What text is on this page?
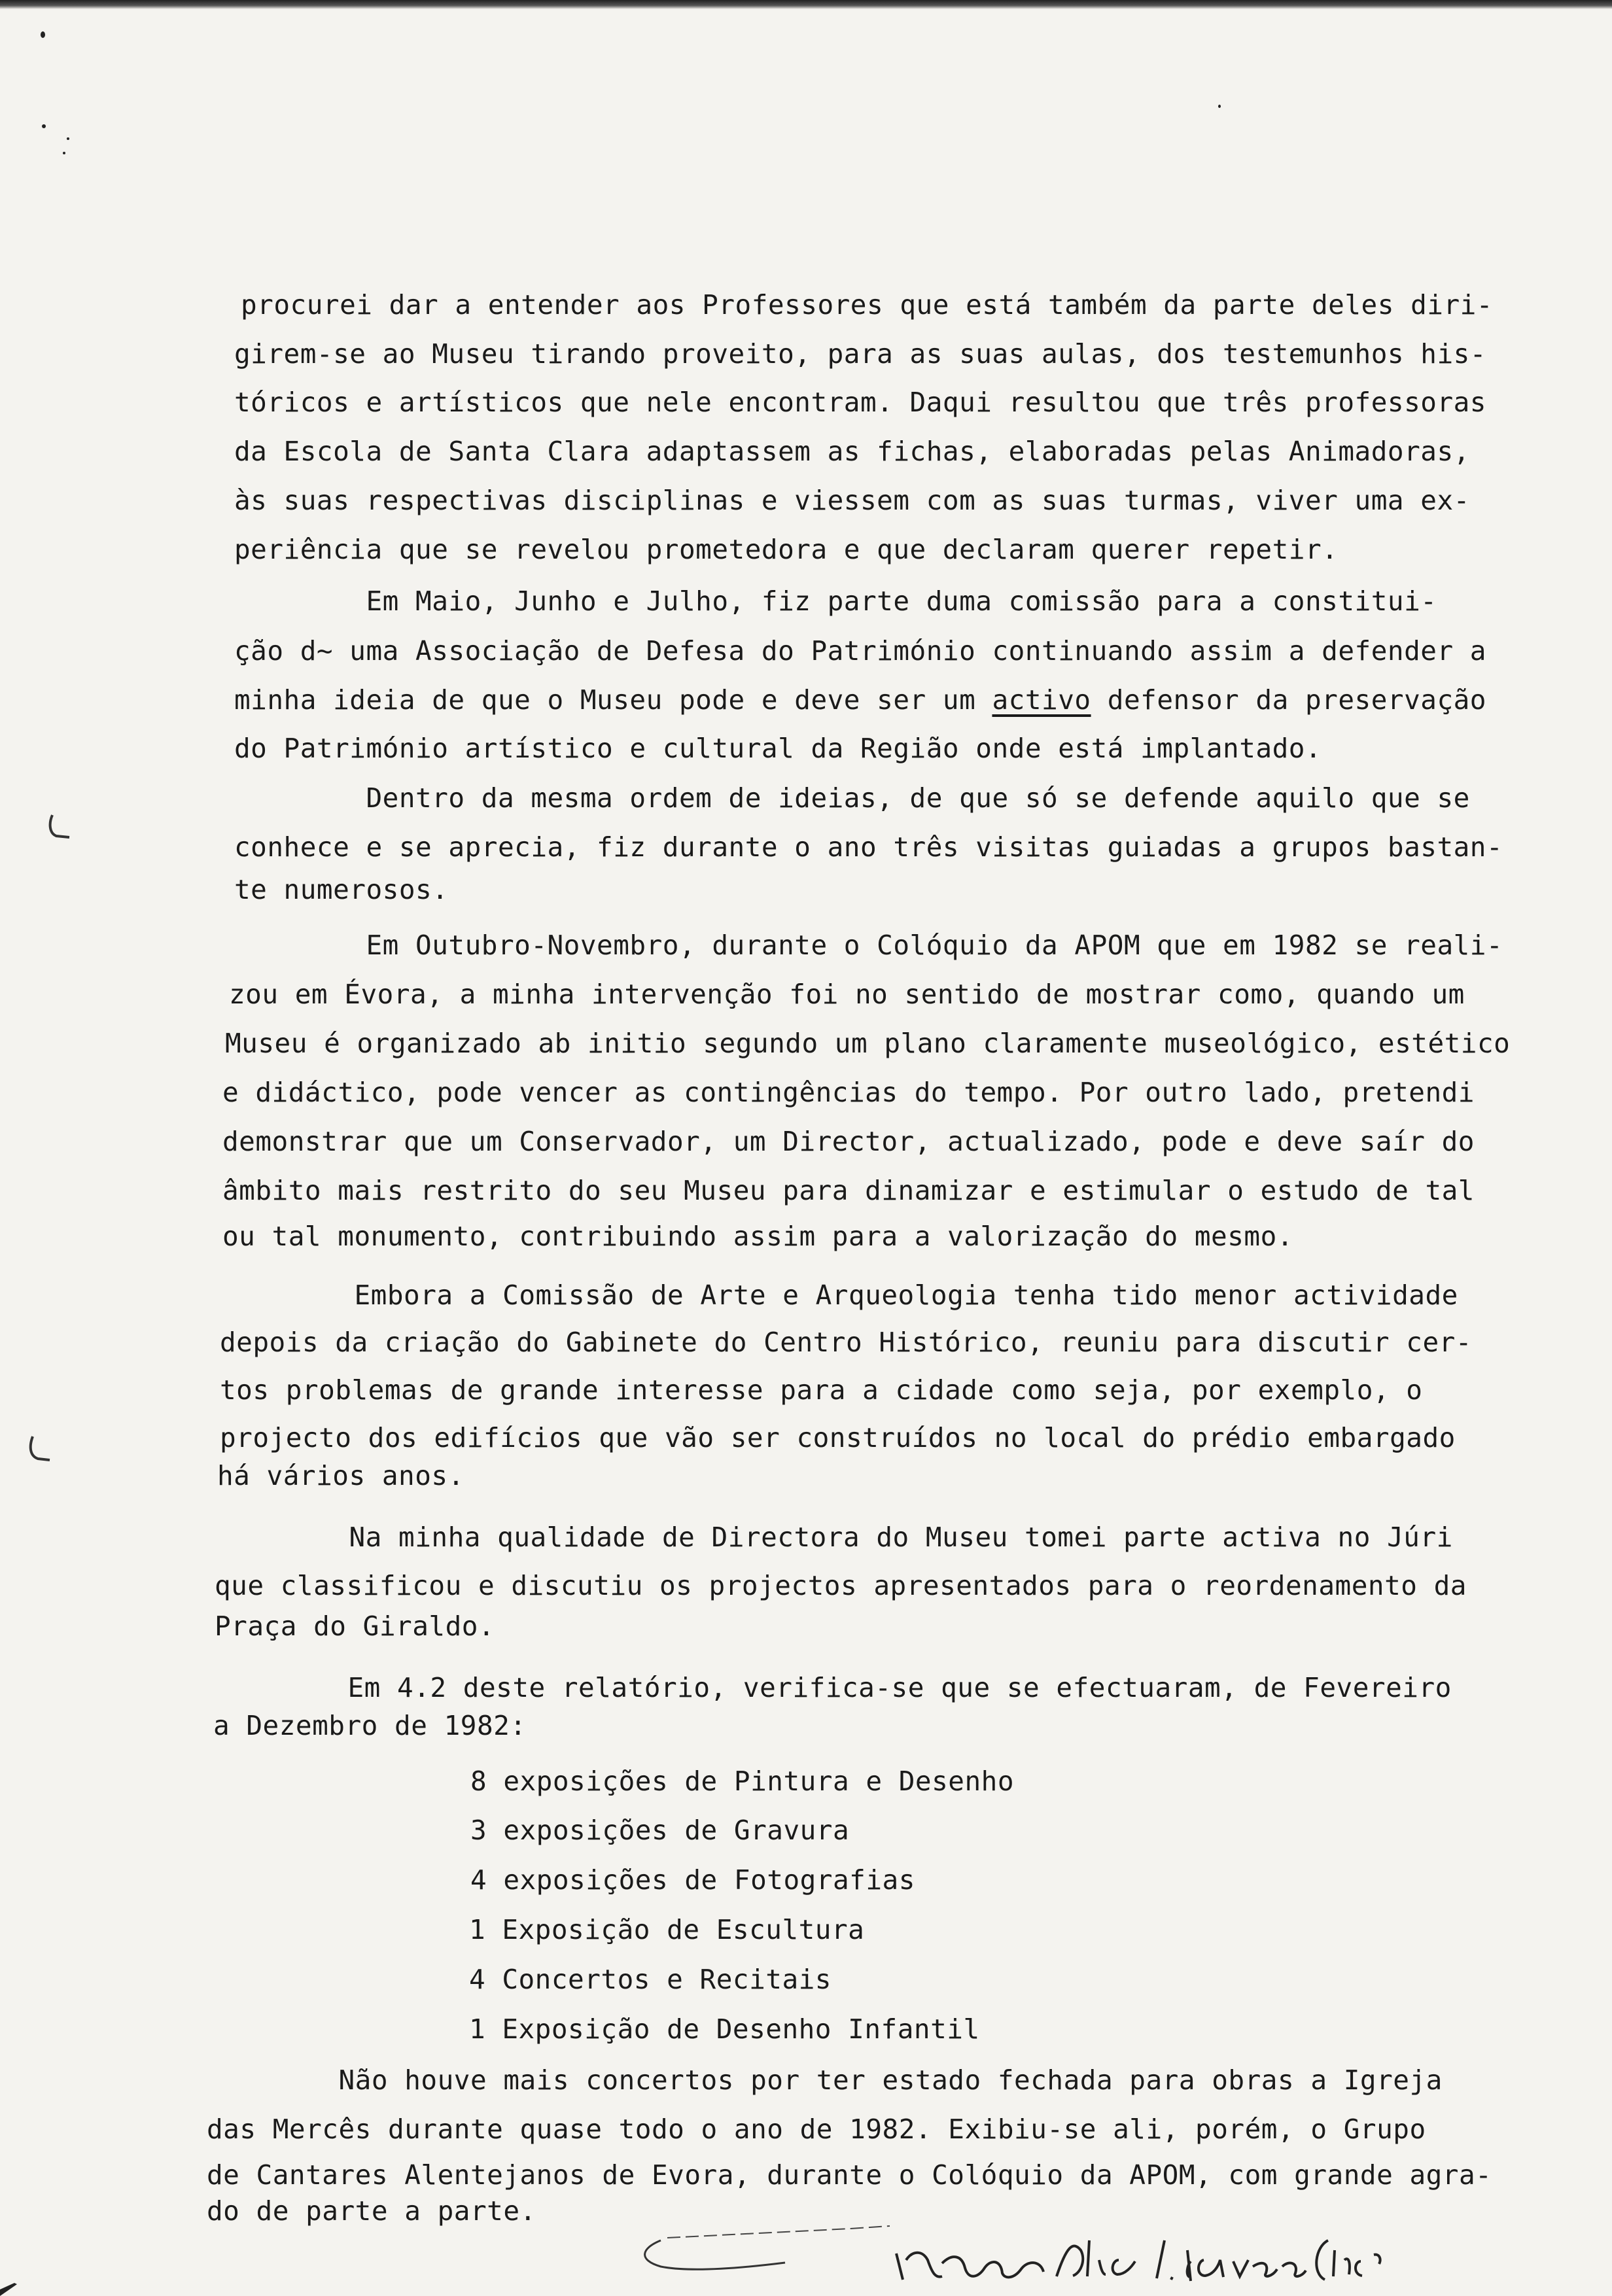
procurei dar a entender aos Professores que está também da parte deles diri-

girem-se ao Museu tirando proveito, para as suas aulas, dos testemunhos his-

tóricos e artísticos que nele encontram. Daqui resultou que três professoras

da Escola de Santa Clara adaptassem as fichas, elaboradas pelas Animadoras,

às suas respectivas disciplinas e viessem com as suas turmas, viver uma ex-

periência que se revelou prometedora e que declaram querer repetir.

Em Maio, Junho e Julho, fiz parte duma comissão para a constitui-

ção d~ uma Associação de Defesa do Património continuando assim a defender a

minha ideia de que o Museu pode e deve ser um activo defensor da preservação

do Património artístico e cultural da Região onde está implantado.

Dentro da mesma ordem de ideias, de que só se defende aquilo que se

conhece e se aprecia, fiz durante o ano três visitas guiadas a grupos bastan-

te numerosos.

Em Outubro-Novembro, durante o Colóquio da APOM que em 1982 se reali-

zou em Évora, a minha intervenção foi no sentido de mostrar como, quando um

Museu é organizado ab initio segundo um plano claramente museológico, estético

e didáctico, pode vencer as contingências do tempo. Por outro lado, pretendi

demonstrar que um Conservador, um Director, actualizado, pode e deve saír do

âmbito mais restrito do seu Museu para dinamizar e estimular o estudo de tal

ou tal monumento, contribuindo assim para a valorização do mesmo.

Embora a Comissão de Arte e Arqueologia tenha tido menor actividade

depois da criação do Gabinete do Centro Histórico, reuniu para discutir cer-

tos problemas de grande interesse para a cidade como seja, por exemplo, o

projecto dos edifícios que vão ser construídos no local do prédio embargado

há vários anos.

Na minha qualidade de Directora do Museu tomei parte activa no Júri

que classificou e discutiu os projectos apresentados para o reordenamento da

Praça do Giraldo.

Em 4.2 deste relatório, verifica-se que se efectuaram, de Fevereiro

a Dezembro de 1982:

8 exposições de Pintura e Desenho

3 exposições de Gravura

4 exposições de Fotografias

1 Exposição de Escultura

4 Concertos e Recitais

1 Exposição de Desenho Infantil

Não houve mais concertos por ter estado fechada para obras a Igreja

das Mercês durante quase todo o ano de 1982. Exibiu-se ali, porém, o Grupo

de Cantares Alentejanos de Evora, durante o Colóquio da APOM, com grande agra-

do de parte a parte.
